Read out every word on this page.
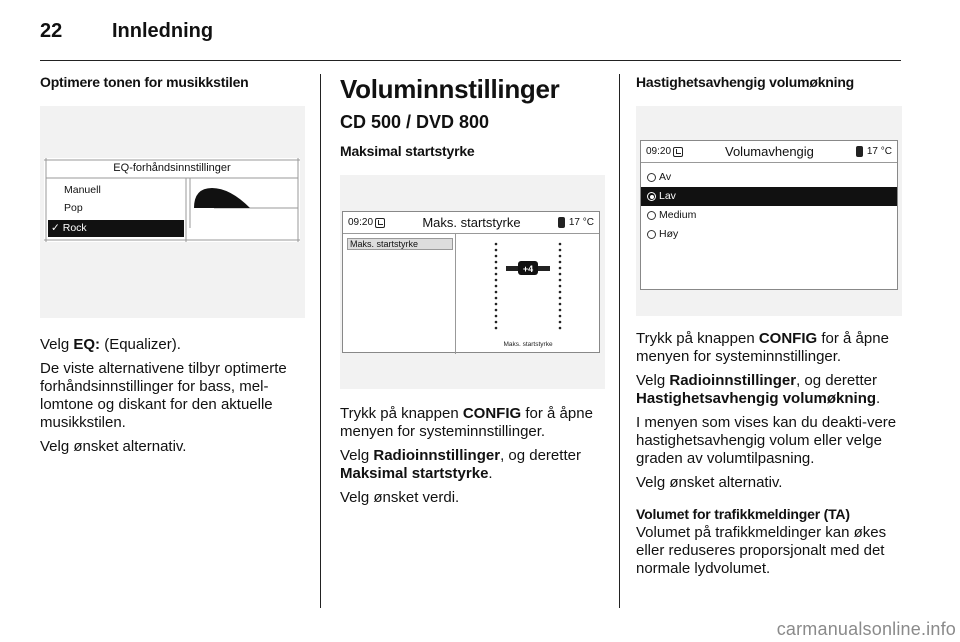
22 Innledning
Optimere tonen for musikkstilen
EQ-forhåndsinnstillinger
Manuell
Pop
✓ Rock

Velg EQ: (Equalizer).

De viste alternativene tilbyr optimerte forhåndsinnstillinger for bass, mel-lomtone og diskant for den aktuelle musikkstilen.

Velg ønsket alternativ.

Voluminnstillinger
CD 500 / DVD 800
Maksimal startstyrke
09:20	Maks. startstyrke	17 °C
Maks. startstyrke
+4
Maks. startstyrke

Trykk på knappen CONFIG for å åpne menyen for systeminnstillinger.

Velg Radioinnstillinger, og deretter Maksimal startstyrke.

Velg ønsket verdi.

Hastighetsavhengig volumøkning
09:20	Volumavhengig	17 °C
Av
Lav
Medium
Høy

Trykk på knappen CONFIG for å åpne menyen for systeminnstillinger.

Velg Radioinnstillinger, og deretter Hastighetsavhengig volumøkning.

I menyen som vises kan du deakti-vere hastighetsavhengig volum eller velge graden av volumtilpasning.

Velg ønsket alternativ.

Volumet for trafikkmeldinger (TA)

Volumet på trafikkmeldinger kan økes eller reduseres proporsjonalt med det normale lydvolumet.

carmanualsonline.info
